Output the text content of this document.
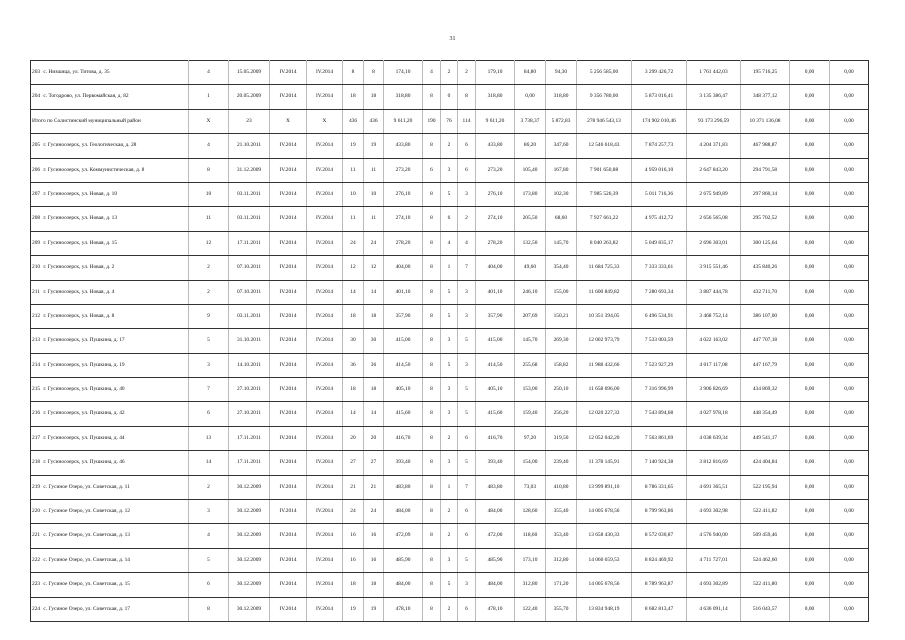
31
203 с. Низшица, ул. Титова, д. 35	4	15.05.2009	IV.2014	IV.2014	8	8	174,10	4	2	2	179,10	84,80	94,30	5 256 585,00	3 299 426,72	1 761 442,03	195 716,25	0,00	0,00
204 с. Тогодрово, ул. Первомайская, д. 82	1	20.05.2009	IV.2014	IV.2014	18	18	318,80	8	0	8	318,80	0,00	318,80	9 356 780,00	5 873 016,41	3 135 386,47	348 377,12	0,00	0,00
Итого по Солистинский муниципальный район	X	23	X	X	436	436	9 611,20	190	76	114	9 611,20	3 738,37	5 872,83	278 946 543,13	174 902 010,46	93 173 296,59	10 371 136,08	0,00	0,00
205 г. Гусиноозерск, ул. Геологическая, д. 28	4	21.10.2011	IV.2014	IV.2014	19	19	433,80	8	2	6	433,80	86,20	347,60	12 546 618,43	7 874 257,73	4 204 371,83	467 988,87	0,00	0,00
206 г. Гусиноозерск, ул. Коммунистическая, д. 8	8	31.12.2009	IV.2014	IV.2014	11	11	273,20	6	3	6	273,20	105,40	167,80	7 901 650,88	4 959 016,10	2 647 843,20	294 791,58	0,00	0,00
207 г. Гусиноозерск, ул. Новая, д. 10	10	03.11.2011	IV.2014	IV.2014	10	10	276,10	8	5	3	276,10	173,80	102,30	7 985 526,39	5 011 716,36	2 675 949,89	297 860,14	0,00	0,00
208 г. Гусиноозерск, ул. Новая, д. 13	11	03.11.2011	IV.2014	IV.2014	11	11	274,10	8	6	2	274,10	205,50	68,60	7 927 661,22	4 975 412,72	2 656 565,08	295 702,52	0,00	0,00
209 г. Гусиноозерск, ул. Новая, д. 15	12	17.11.2011	IV.2014	IV.2014	24	24	278,20	8	4	4	278,20	132,50	145,70	8 040 263,82	5 049 835,17	2 696 303,01	300 125,64	0,00	0,00
210 г. Гусиноозерск, ул. Новая, д. 2	2	07.10.2011	IV.2014	IV.2014	12	12	404,00	8	1	7	404,00	49,60	354,40	11 684 725,33	7 333 333,61	3 915 551,46	435 840,26	0,00	0,00
211 г. Гусиноозерск, ул. Новая, д. 4	2	07.10.2011	IV.2014	IV.2014	14	14	401,10	8	5	3	401,10	246,10	155,00	11 600 849,82	7 280 693,34	3 887 444,78	432 711,70	0,00	0,00
212 г. Гусиноозерск, ул. Новая, д. 8	9	03.11.2011	IV.2014	IV.2014	18	18	357,90	8	5	3	357,90	207,69	150,21	10 351 394,05	6 496 534,91	3 468 752,14	386 107,00	0,00	0,00
213 г. Гусиноозерск, ул. Пушкина, д. 17	5	31.10.2011	IV.2014	IV.2014	30	30	415,00	8	3	5	415,00	145,70	269,30	12 002 973,79	7 533 003,59	4 022 163,02	447 707,18	0,00	0,00
214 г. Гусиноозерск, ул. Пушкина, д. 19	3	14.10.2011	IV.2014	IV.2014	36	36	414,50	8	5	3	414,50	255,68	158,82	11 988 432,66	7 523 927,29	4 017 117,08	447 167,79	0,00	0,00
215 г. Гусиноозерск, ул. Пушкина, д. 40	7	27.10.2011	IV.2014	IV.2014	18	18	405,10	8	3	5	405,10	153,00	250,10	11 658 696,00	7 316 996,99	3 906 826,69	434 869,32	0,00	0,00
216 г. Гусиноозерск, ул. Пушкина, д. 42	6	27.10.2011	IV.2014	IV.2014	14	14	415,60	8	3	5	415,60	159,40	256,20	12 020 227,33	7 543 894,68	4 027 978,18	448 354,49	0,00	0,00
217 г. Гусиноозерск, ул. Пушкина, д. 44	13	17.11.2011	IV.2014	IV.2014	20	20	416,70	8	2	6	416,70	97,20	319,50	12 052 042,20	7 563 861,69	4 038 639,34	449 541,17	0,00	0,00
218 г. Гусиноозерск, ул. Пушкина, д. 46	14	17.11.2011	IV.2014	IV.2014	27	27	393,40	8	3	5	393,40	154,00	239,40	11 378 145,91	7 140 924,38	3 812 816,69	424 404,84	0,00	0,00
219 с. Гусиное Озеро, ул. Советская, д. 11	2	30.12.2009	IV.2014	IV.2014	21	21	483,80	8	1	7	483,80	73,03	410,80	13 999 891,10	8 786 331,65	4 691 365,51	522 195,94	0,00	0,00
220 с. Гусиное Озеро, ул. Советская, д. 12	3	30.12.2009	IV.2014	IV.2014	24	24	484,00	8	2	6	484,00	128,60	355,40	14 005 678,56	8 799 963,86	4 693 302,98	522 411,82	0,00	0,00
221 с. Гусиное Озеро, ул. Советская, д. 13	4	30.12.2009	IV.2014	IV.2014	16	16	472,09	8	2	6	472,00	118,60	353,40	13 658 430,33	8 572 030,87	4 576 940,00	509 459,46	0,00	0,00
222 с. Гусиное Озеро, ул. Советская, д. 14	5	30.12.2009	IV.2014	IV.2014	16	16	485,90	8	3	5	485,90	173,10	312,80	14 060 659,53	8 824 469,92	4 711 727,01	524 462,60	0,00	0,00
223 с. Гусиное Озеро, ул. Советская, д. 15	6	30.12.2009	IV.2014	IV.2014	18	18	484,00	8	5	3	484,00	312,80	171,20	14 005 678,56	8 789 963,87	4 693 302,89	522 411,80	0,00	0,00
224 с. Гусиное Озеро, ул. Советская, д. 17	8	30.12.2009	IV.2014	IV.2014	19	19	478,10	8	2	6	478,10	122,40	355,70	13 834 948,19	8 682 813,47	4 636 091,14	516 043,57	0,00	0,00
